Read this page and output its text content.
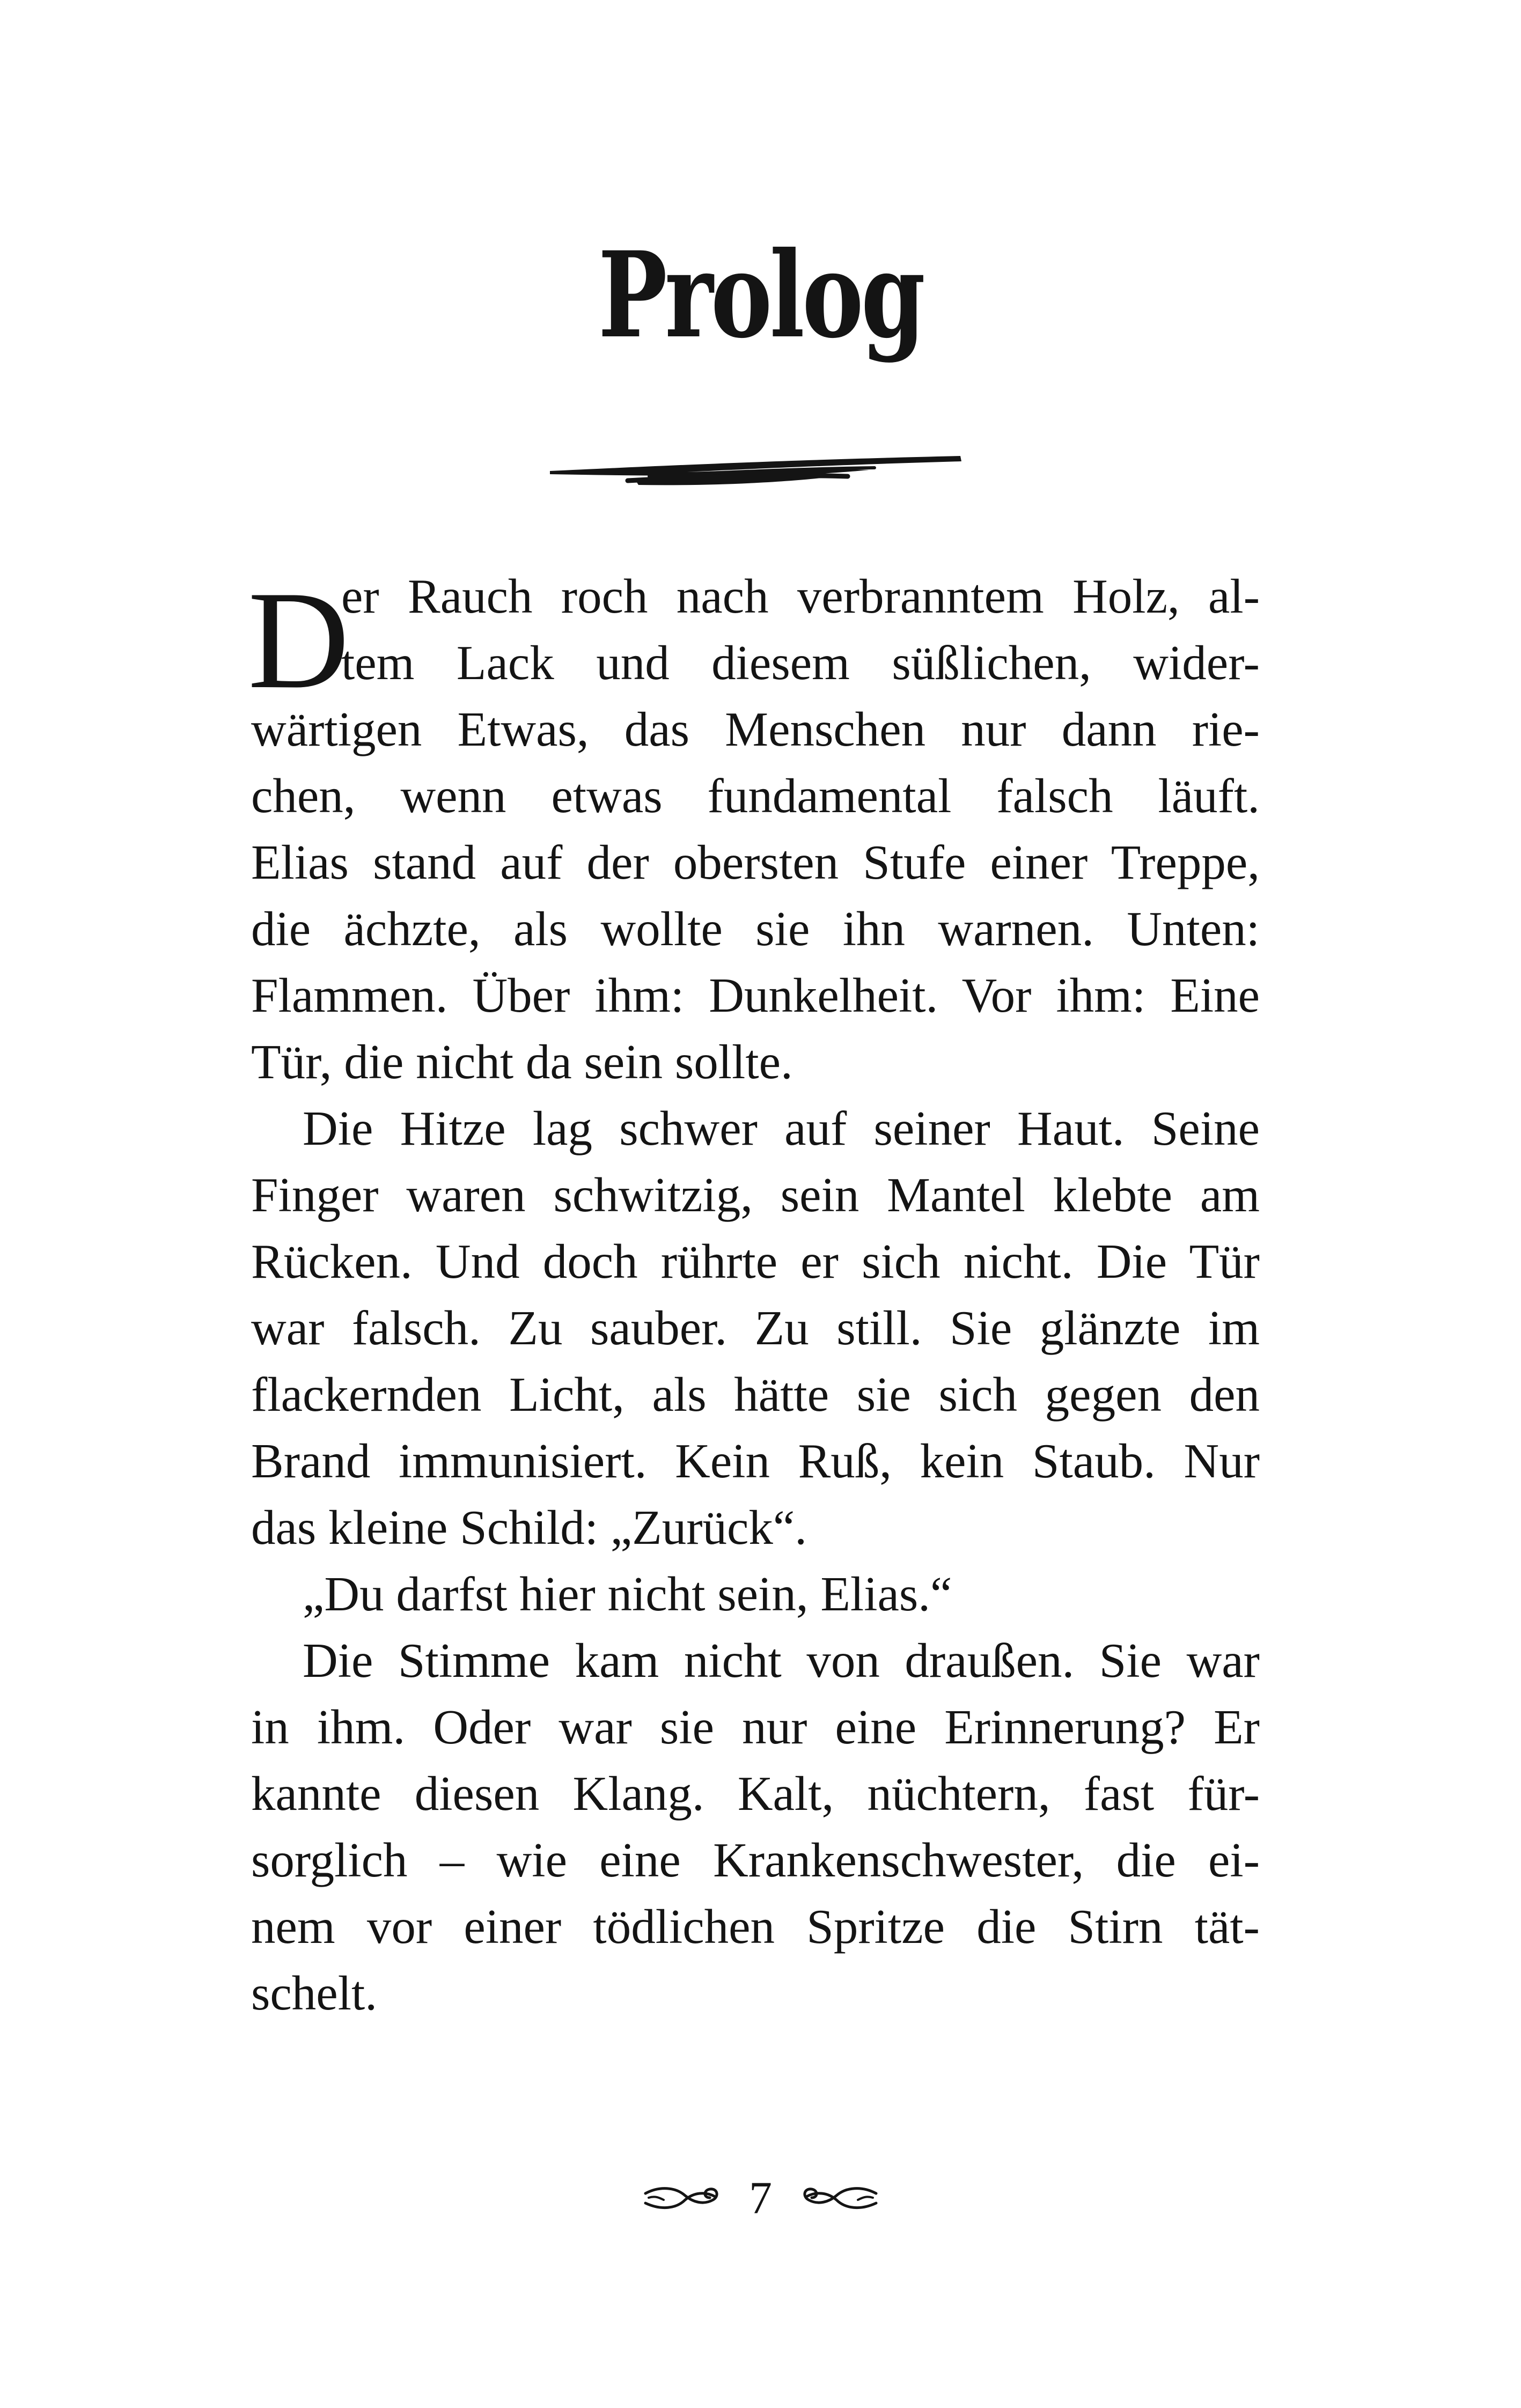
Prolog

D
er Rauch roch nach verbranntem Holz, al-
tem Lack und diesem süßlichen, wider-
wärtigen Etwas, das Menschen nur dann rie-
chen, wenn etwas fundamental falsch läuft.
Elias stand auf der obersten Stufe einer Treppe,
die ächzte, als wollte sie ihn warnen. Unten:
Flammen. Über ihm: Dunkelheit. Vor ihm: Eine
Tür, die nicht da sein sollte.

Die Hitze lag schwer auf seiner Haut. Seine
Finger waren schwitzig, sein Mantel klebte am
Rücken. Und doch rührte er sich nicht. Die Tür
war falsch. Zu sauber. Zu still. Sie glänzte im
flackernden Licht, als hätte sie sich gegen den
Brand immunisiert. Kein Ruß, kein Staub. Nur
das kleine Schild: „Zurück“.

„Du darfst hier nicht sein, Elias.“

Die Stimme kam nicht von draußen. Sie war
in ihm. Oder war sie nur eine Erinnerung? Er
kannte diesen Klang. Kalt, nüchtern, fast für-
sorglich – wie eine Krankenschwester, die ei-
nem vor einer tödlichen Spritze die Stirn tät-
schelt.

7
